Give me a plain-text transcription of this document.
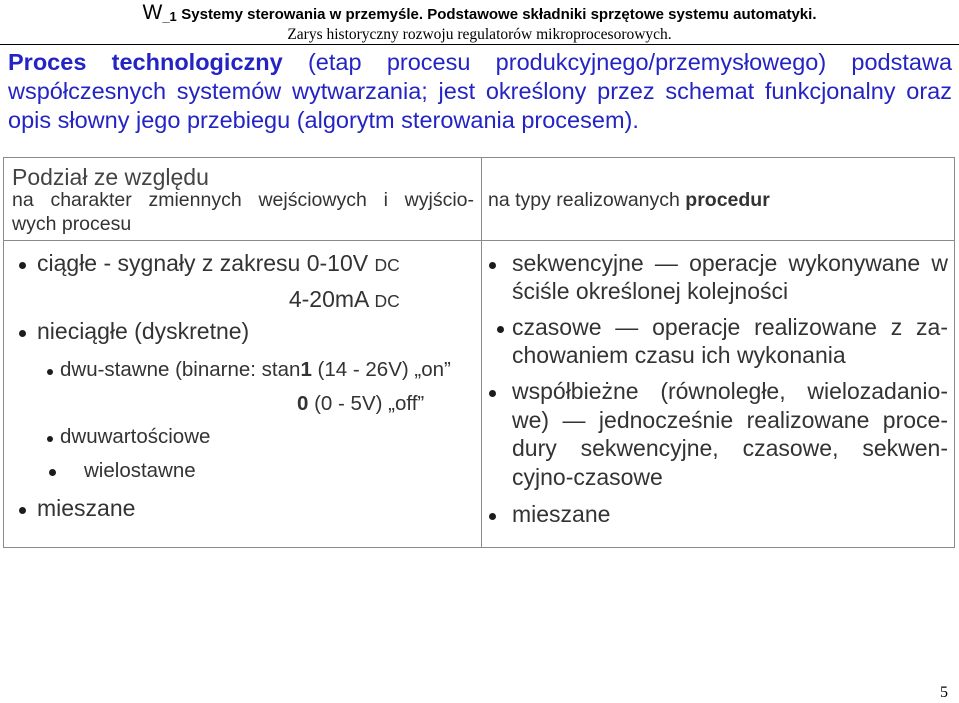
W_1 Systemy sterowania w przemyśle. Podstawowe składniki sprzętowe systemu automatyki.
Zarys historyczny rozwoju regulatorów mikroprocesorowych.
Proces technologiczny (etap procesu produkcyjnego/przemysłowego) podstawa
współczesnych systemów wytwarzania; jest określony przez schemat funkcjonalny oraz
opis słowny jego przebiegu (algorytm sterowania procesem).
Podział ze względu
na charakter zmiennych wejściowych i wyjścio-
wych procesu
na typy realizowanych procedur
ciągłe - sygnały z zakresu 0-10V DC
4-20mA DC
nieciągłe (dyskretne)
dwu-stawne (binarne: stan1 (14 - 26V) „on”
0 (0 - 5V) „off”
dwuwartościowe
wielostawne
mieszane
sekwencyjne — operacje wykonywane w
ściśle określonej kolejności
czasowe — operacje realizowane z za-
chowaniem czasu ich wykonania
współbieżne (równoległe, wielozadanio-
we) — jednocześnie realizowane proce-
dury sekwencyjne, czasowe, sekwen-
cyjno-czasowe
mieszane
5
